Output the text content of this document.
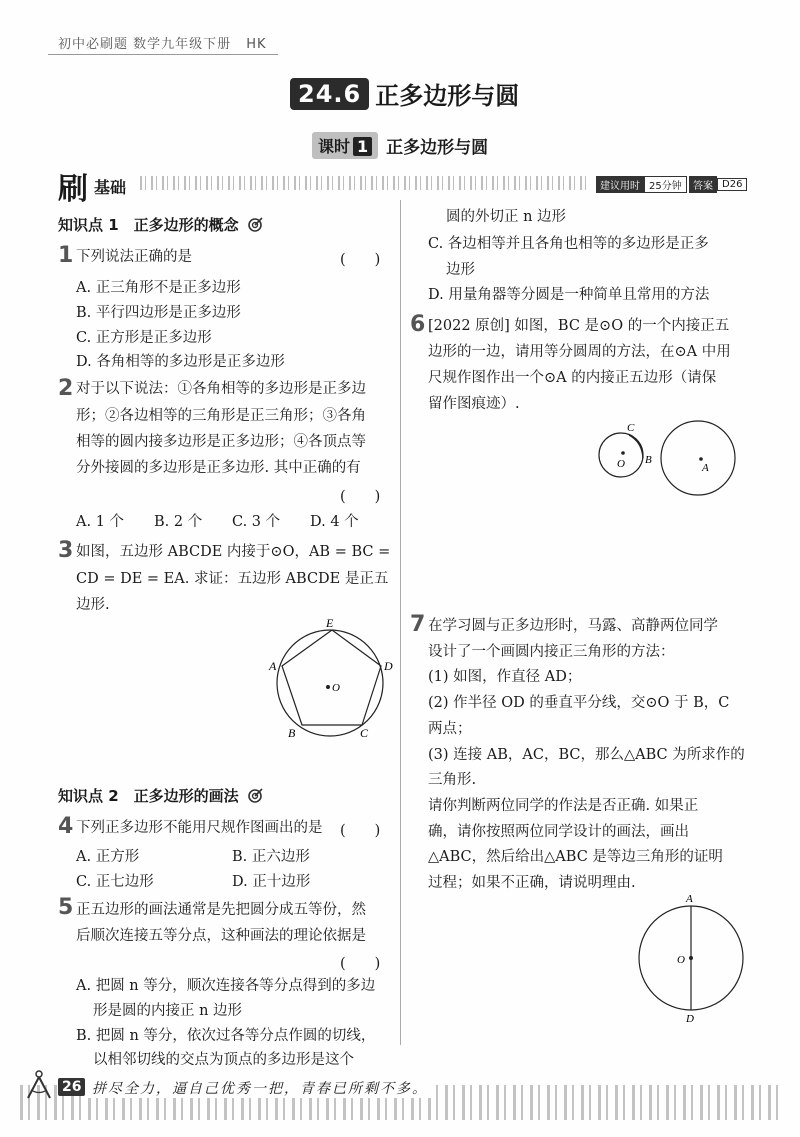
初中必刷题 数学九年级下册 HK
24.6 正多边形与圆
课时 1	正多边形与圆
刷 基础	建议用时 25分钟	答案 D26
知识点 1　正多边形的概念
1 下列说法正确的是	(　　)
A. 正三角形不是正多边形
B. 平行四边形是正多边形
C. 正方形是正多边形
D. 各角相等的多边形是正多边形
2 对于以下说法：①各角相等的多边形是正多边
形；②各边相等的三角形是正三角形；③各角
相等的圆内接多边形是正多边形；④各顶点等
分外接圆的多边形是正多边形. 其中正确的有
(　　)
A. 1 个 B. 2 个 C. 3 个 D. 4 个
3 如图，五边形 ABCDE 内接于⊙O，AB = BC =
CD = DE = EA. 求证：五边形 ABCDE 是正五
边形.
E
D
A
O
B	C
知识点 2　正多边形的画法
4 下列正多边形不能用尺规作图画出的是 (　　)
A. 正方形	B. 正六边形
C. 正七边形	D. 正十边形
5 正五边形的画法通常是先把圆分成五等份，然
后顺次连接五等分点，这种画法的理论依据是
(　　)
A. 把圆 n 等分，顺次连接各等分点得到的多边
形是圆的内接正 n 边形
B. 把圆 n 等分，依次过各等分点作圆的切线，
以相邻切线的交点为顶点的多边形是这个
圆的外切正 n 边形
C. 各边相等并且各角也相等的多边形是正多
边形
D. 用量角器等分圆是一种简单且常用的方法
6 [2022 原创] 如图，BC 是⊙O 的一个内接正五
边形的一边，请用等分圆周的方法，在⊙A 中用
尺规作图作出一个⊙A 的内接正五边形（请保
留作图痕迹）.
C
O B
A
7 在学习圆与正多边形时，马露、高静两位同学
设计了一个画圆内接正三角形的方法：
(1) 如图，作直径 AD；
(2) 作半径 OD 的垂直平分线，交⊙O 于 B，C
两点；
(3) 连接 AB，AC，BC，那么△ABC 为所求作的
三角形.
请你判断两位同学的作法是否正确. 如果正
确，请你按照两位同学设计的画法，画出
△ABC，然后给出△ABC 是等边三角形的证明
过程；如果不正确，请说明理由.
A
O
D
26 拼尽全力，逼自己优秀一把，青春已所剩不多。
